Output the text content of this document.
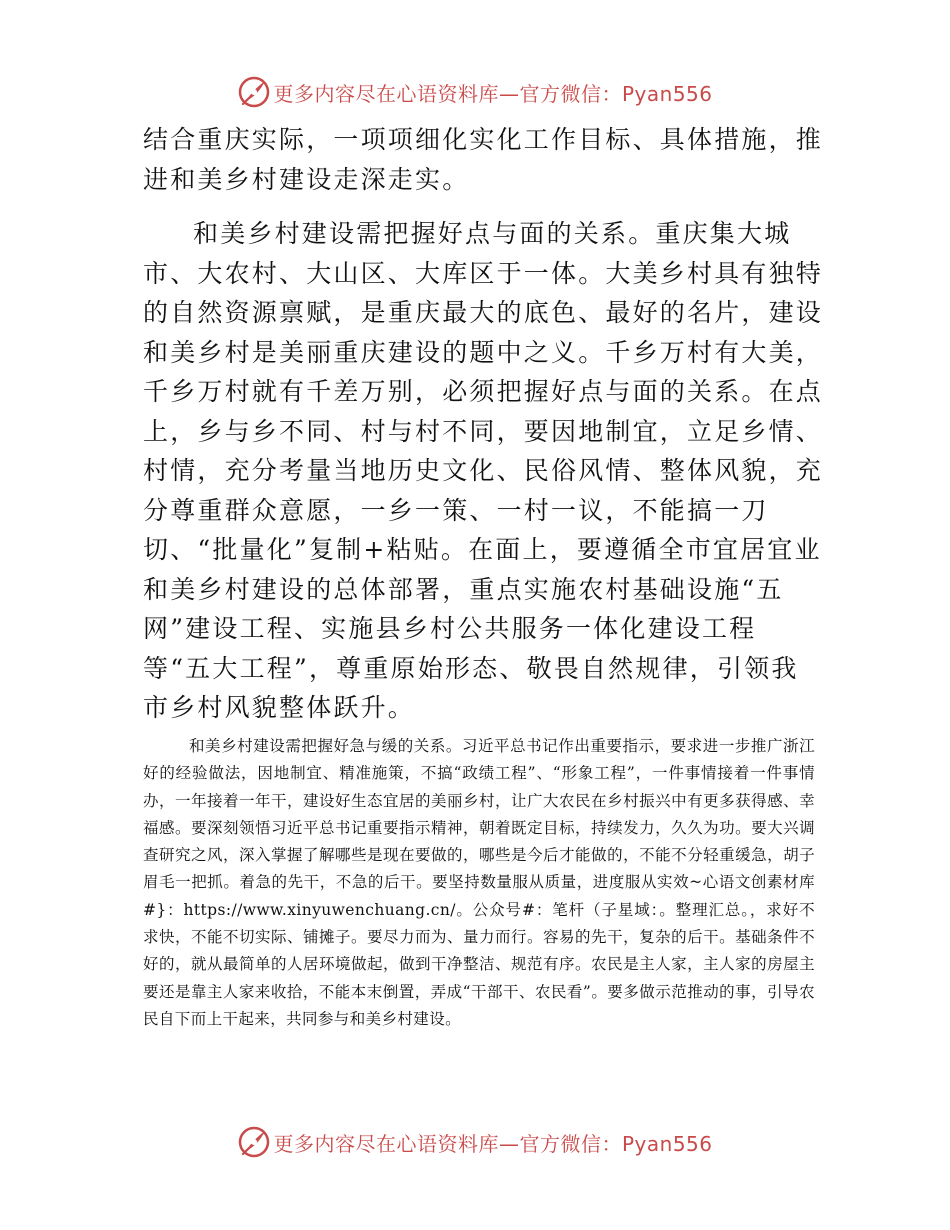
更多内容尽在心语资料库—官方微信：Pyan556

结合重庆实际，一项项细化实化工作目标、具体措施，推进和美乡村建设走深走实。

和美乡村建设需把握好点与面的关系。重庆集大城市、大农村、大山区、大库区于一体。大美乡村具有独特的自然资源禀赋，是重庆最大的底色、最好的名片，建设和美乡村是美丽重庆建设的题中之义。千乡万村有大美，千乡万村就有千差万别，必须把握好点与面的关系。在点上，乡与乡不同、村与村不同，要因地制宜，立足乡情、村情，充分考量当地历史文化、民俗风情、整体风貌，充分尊重群众意愿，一乡一策、一村一议，不能搞一刀切、“批量化”复制+粘贴。在面上，要遵循全市宜居宜业和美乡村建设的总体部署，重点实施农村基础设施“五网”建设工程、实施县乡村公共服务一体化建设工程等“五大工程”，尊重原始形态、敬畏自然规律，引领我市乡村风貌整体跃升。

和美乡村建设需把握好急与缓的关系。习近平总书记作出重要指示，要求进一步推广浙江好的经验做法，因地制宜、精准施策，不搞“政绩工程”、“形象工程”，一件事情接着一件事情办，一年接着一年干，建设好生态宜居的美丽乡村，让广大农民在乡村振兴中有更多获得感、幸福感。要深刻领悟习近平总书记重要指示精神，朝着既定目标，持续发力，久久为功。要大兴调查研究之风，深入掌握了解哪些是现在要做的，哪些是今后才能做的，不能不分轻重缓急，胡子眉毛一把抓。着急的先干，不急的后干。要坚持数量服从质量，进度服从实效~心语文创素材库#}：https://www.xinyuwenchuang.cn/。公众号#：笔杆（子星域：。整理汇总。，求好不求快，不能不切实际、铺摊子。要尽力而为、量力而行。容易的先干，复杂的后干。基础条件不好的，就从最简单的人居环境做起，做到干净整洁、规范有序。农民是主人家，主人家的房屋主要还是靠主人家来收拾，不能本末倒置，弄成“干部干、农民看”。要多做示范推动的事，引导农民自下而上干起来，共同参与和美乡村建设。

更多内容尽在心语资料库—官方微信：Pyan556
